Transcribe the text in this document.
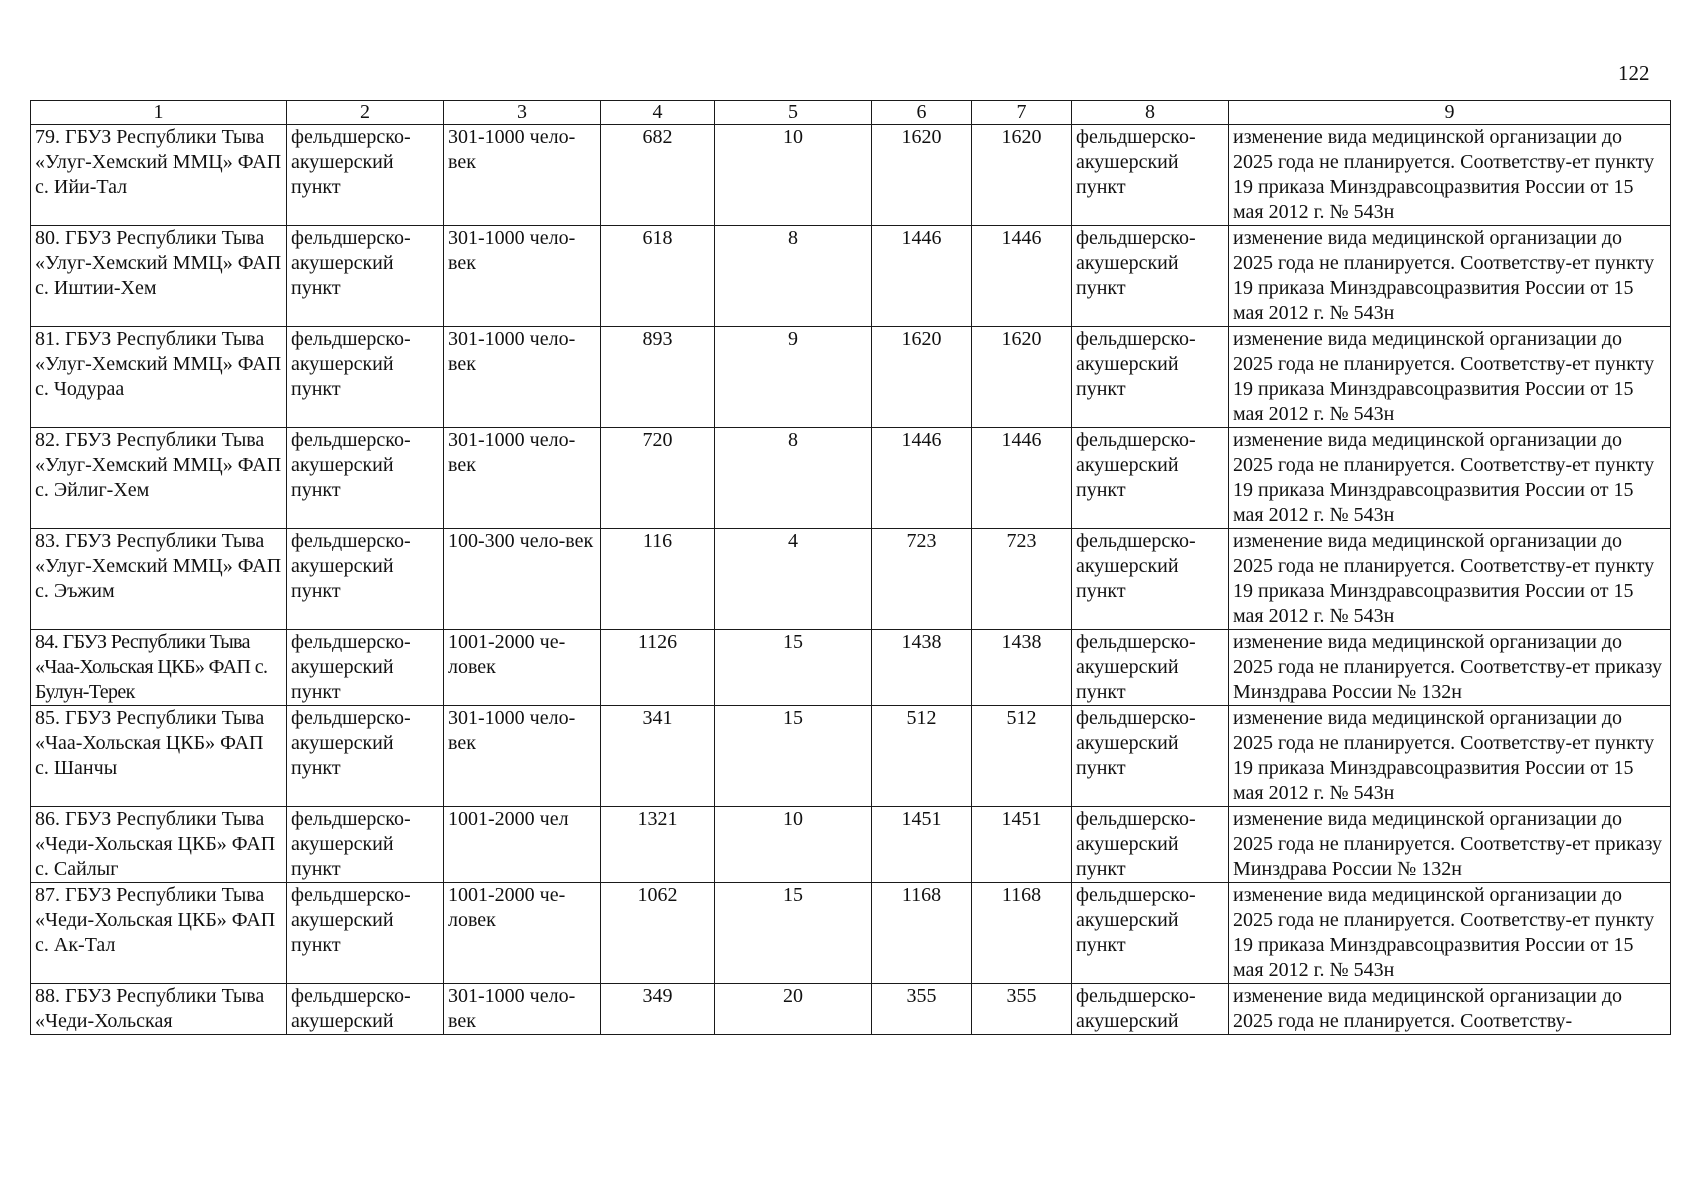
122
1	2	3	4	5	6	7	8	9
79. ГБУЗ Республики Тыва «Улуг-Хемский ММЦ» ФАП с. Ийи-Тал	фельдшерско-акушерский пункт	301-1000 чело-век	682	10	1620	1620	фельдшерско-акушерский пункт	изменение вида медицинской организации до 2025 года не планируется. Соответству-ет пункту 19 приказа Минздравсоцразвития России от 15 мая 2012 г. № 543н
80. ГБУЗ Республики Тыва «Улуг-Хемский ММЦ» ФАП с. Иштии-Хем	фельдшерско-акушерский пункт	301-1000 чело-век	618	8	1446	1446	фельдшерско-акушерский пункт	изменение вида медицинской организации до 2025 года не планируется. Соответству-ет пункту 19 приказа Минздравсоцразвития России от 15 мая 2012 г. № 543н
81. ГБУЗ Республики Тыва «Улуг-Хемский ММЦ» ФАП с. Чодураа	фельдшерско-акушерский пункт	301-1000 чело-век	893	9	1620	1620	фельдшерско-акушерский пункт	изменение вида медицинской организации до 2025 года не планируется. Соответству-ет пункту 19 приказа Минздравсоцразвития России от 15 мая 2012 г. № 543н
82. ГБУЗ Республики Тыва «Улуг-Хемский ММЦ» ФАП с. Эйлиг-Хем	фельдшерско-акушерский пункт	301-1000 чело-век	720	8	1446	1446	фельдшерско-акушерский пункт	изменение вида медицинской организации до 2025 года не планируется. Соответству-ет пункту 19 приказа Минздравсоцразвития России от 15 мая 2012 г. № 543н
83. ГБУЗ Республики Тыва «Улуг-Хемский ММЦ» ФАП с. Эъжим	фельдшерско-акушерский пункт	100-300 чело-век	116	4	723	723	фельдшерско-акушерский пункт	изменение вида медицинской организации до 2025 года не планируется. Соответству-ет пункту 19 приказа Минздравсоцразвития России от 15 мая 2012 г. № 543н
84. ГБУЗ Республики Тыва «Чаа-Хольская ЦКБ» ФАП с. Булун-Терек	фельдшерско-акушерский пункт	1001-2000 че-ловек	1126	15	1438	1438	фельдшерско-акушерский пункт	изменение вида медицинской организации до 2025 года не планируется. Соответству-ет приказу Минздрава России № 132н
85. ГБУЗ Республики Тыва «Чаа-Хольская ЦКБ» ФАП с. Шанчы	фельдшерско-акушерский пункт	301-1000 чело-век	341	15	512	512	фельдшерско-акушерский пункт	изменение вида медицинской организации до 2025 года не планируется. Соответству-ет пункту 19 приказа Минздравсоцразвития России от 15 мая 2012 г. № 543н
86. ГБУЗ Республики Тыва «Чеди-Хольская ЦКБ» ФАП с. Сайлыг	фельдшерско-акушерский пункт	1001-2000 чел	1321	10	1451	1451	фельдшерско-акушерский пункт	изменение вида медицинской организации до 2025 года не планируется. Соответству-ет приказу Минздрава России № 132н
87. ГБУЗ Республики Тыва «Чеди-Хольская ЦКБ» ФАП с. Ак-Тал	фельдшерско-акушерский пункт	1001-2000 че-ловек	1062	15	1168	1168	фельдшерско-акушерский пункт	изменение вида медицинской организации до 2025 года не планируется. Соответству-ет пункту 19 приказа Минздравсоцразвития России от 15 мая 2012 г. № 543н
88. ГБУЗ Республики Тыва «Чеди-Хольская	фельдшерско-акушерский	301-1000 чело-век	349	20	355	355	фельдшерско-акушерский	изменение вида медицинской организации до 2025 года не планируется. Соответству-
